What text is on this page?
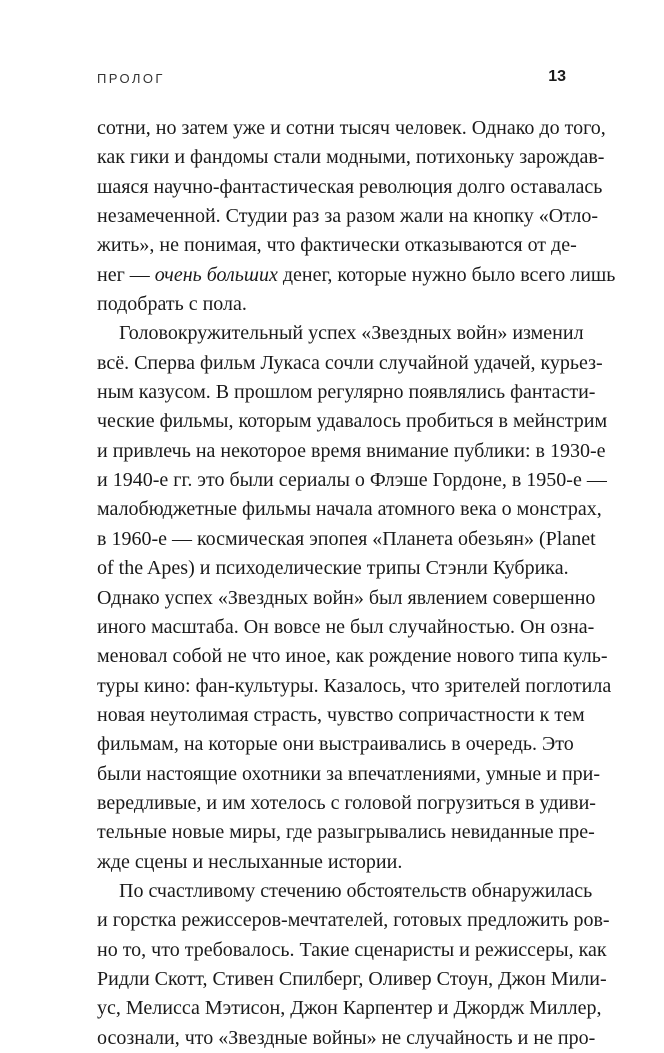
ПРОЛОГ	13
сотни, но затем уже и сотни тысяч человек. Однако до того,
как гики и фандомы стали модными, потихоньку зарождав-
шаяся научно-фантастическая революция долго оставалась
незамеченной. Студии раз за разом жали на кнопку «Отло-
жить», не понимая, что фактически отказываются от де-
нег — очень больших денег, которые нужно было всего лишь
подобрать с пола.
Головокружительный успех «Звездных войн» изменил
всё. Сперва фильм Лукаса сочли случайной удачей, курьез-
ным казусом. В прошлом регулярно появлялись фантасти-
ческие фильмы, которым удавалось пробиться в мейнстрим
и привлечь на некоторое время внимание публики: в 1930-е
и 1940-е гг. это были сериалы о Флэше Гордоне, в 1950-е —
малобюджетные фильмы начала атомного века о монстрах,
в 1960-е — космическая эпопея «Планета обезьян» (Planet
of the Apes) и психоделические трипы Стэнли Кубрика.
Однако успех «Звездных войн» был явлением совершенно
иного масштаба. Он вовсе не был случайностью. Он озна-
меновал собой не что иное, как рождение нового типа куль-
туры кино: фан-культуры. Казалось, что зрителей поглотила
новая неутолимая страсть, чувство сопричастности к тем
фильмам, на которые они выстраивались в очередь. Это
были настоящие охотники за впечатлениями, умные и при-
вередливые, и им хотелось с головой погрузиться в удиви-
тельные новые миры, где разыгрывались невиданные пре-
жде сцены и неслыханные истории.
По счастливому стечению обстоятельств обнаружилась
и горстка режиссеров-мечтателей, готовых предложить ров-
но то, что требовалось. Такие сценаристы и режиссеры, как
Ридли Скотт, Стивен Спилберг, Оливер Стоун, Джон Мили-
ус, Мелисса Мэтисон, Джон Карпентер и Джордж Миллер,
осознали, что «Звездные войны» не случайность и не про-
